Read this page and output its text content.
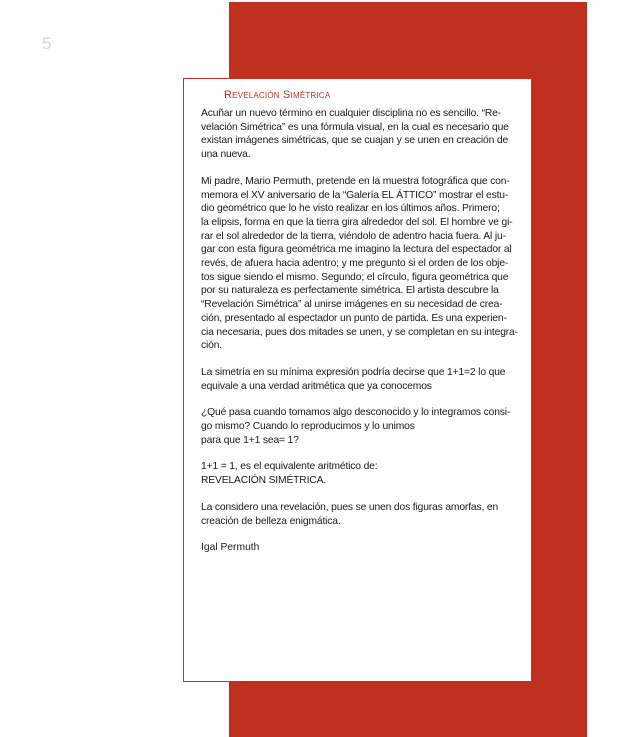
5
Revelación Simétrica

Acuñar un nuevo término en cualquier disciplina no es sencillo. “Re-
velación Simétrica” es una fórmula visual, en la cual es necesario que
existan imágenes simétricas, que se cuajan y se unen en creación de
una nueva.

Mi padre, Mario Permuth, pretende en la muestra fotográfica que con-
memora el XV aniversario de la “Galería EL ÁTTICO” mostrar el estu-
dio geométrico que lo he visto realizar en los últimos años. Primero;
la elipsis, forma en que la tierra gira alrededor del sol. El hombre ve gi-
rar el sol alrededor de la tierra, viéndolo de adentro hacia fuera. Al ju-
gar con esta figura geométrica me imagino la lectura del espectador al
revés, de afuera hacia adentro; y me pregunto si el orden de los obje-
tos sigue siendo el mismo. Segundo; el círculo, figura geométrica que
por su naturaleza es perfectamente simétrica. El artista descubre la
“Revelación Simétrica” al unirse imágenes en su necesidad de crea-
ción, presentado al espectador un punto de partida. Es una experien-
cia necesaria, pues dos mitades se unen, y se completan en su integra-
ción.

La simetría en su mínima expresión podría decirse que 1+1=2 lo que
equivale a una verdad aritmética que ya conocemos

¿Qué pasa cuando tomamos algo desconocido y lo integramos consi-
go mismo? Cuando lo reproducimos y lo unimos
para que 1+1 sea= 1?

1+1 = 1, es el equivalente aritmético de:
REVELACIÓN SIMÉTRICA.

La considero una revelación, pues se unen dos figuras amorfas, en
creación de belleza enigmática.

Igal Permuth
